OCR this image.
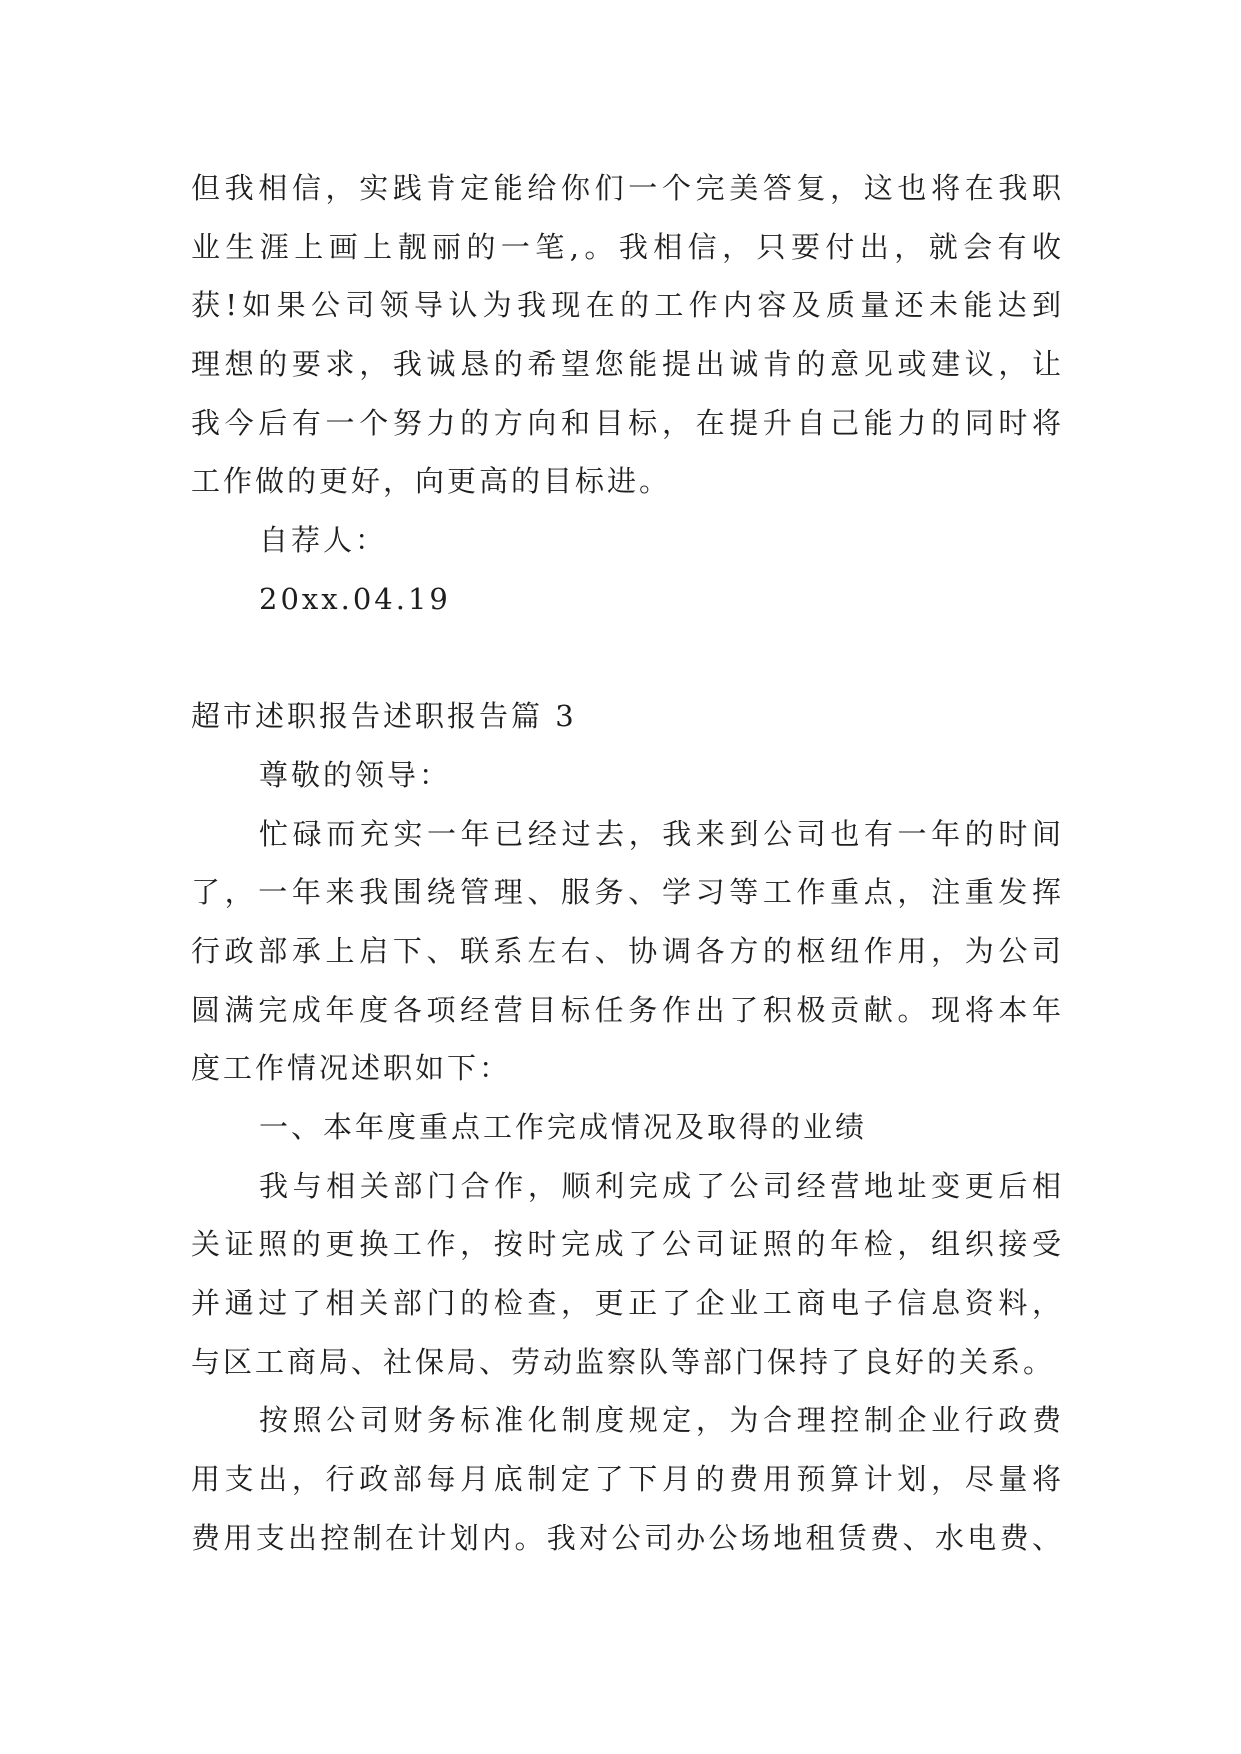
但我相信，实践肯定能给你们一个完美答复，这也将在我职
业生涯上画上靓丽的一笔,。我相信，只要付出，就会有收
获!如果公司领导认为我现在的工作内容及质量还未能达到
理想的要求，我诚恳的希望您能提出诚肯的意见或建议，让
我今后有一个努力的方向和目标，在提升自己能力的同时将
工作做的更好，向更高的目标进。
自荐人：
20xx.04.19
超市述职报告述职报告篇 3
尊敬的领导：
忙碌而充实一年已经过去，我来到公司也有一年的时间
了，一年来我围绕管理、服务、学习等工作重点，注重发挥
行政部承上启下、联系左右、协调各方的枢纽作用，为公司
圆满完成年度各项经营目标任务作出了积极贡献。现将本年
度工作情况述职如下：
一、本年度重点工作完成情况及取得的业绩
我与相关部门合作，顺利完成了公司经营地址变更后相
关证照的更换工作，按时完成了公司证照的年检，组织接受
并通过了相关部门的检查，更正了企业工商电子信息资料，
与区工商局、社保局、劳动监察队等部门保持了良好的关系。
按照公司财务标准化制度规定，为合理控制企业行政费
用支出，行政部每月底制定了下月的费用预算计划，尽量将
费用支出控制在计划内。我对公司办公场地租赁费、水电费、
